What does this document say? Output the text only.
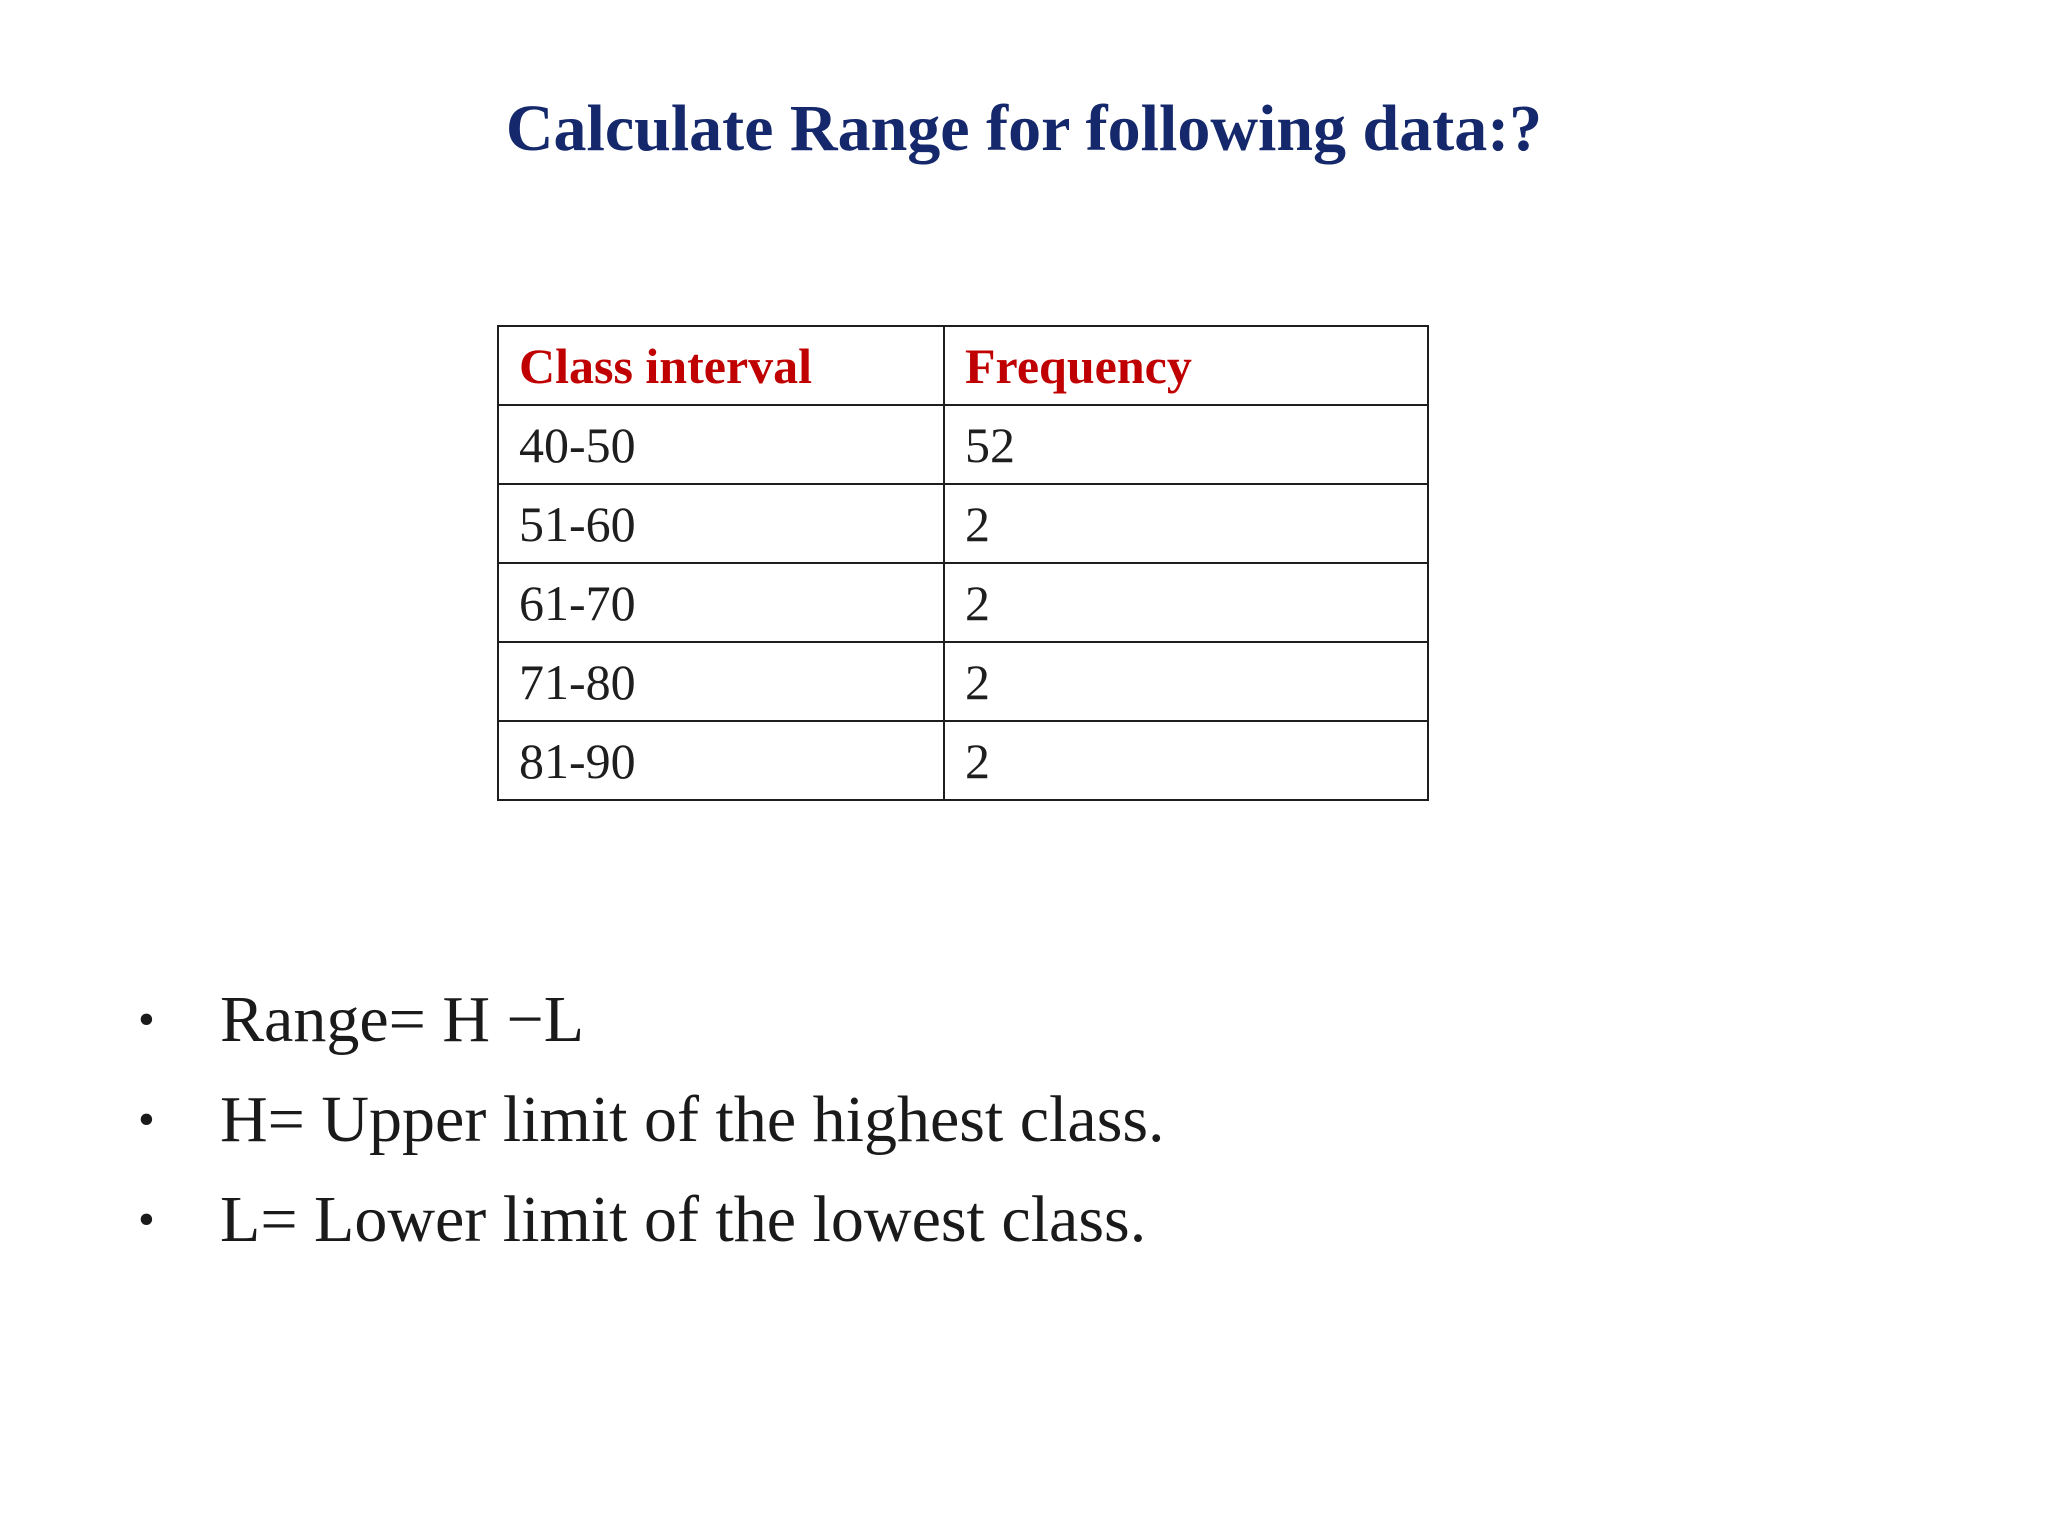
Calculate Range for following data:?
Class interval	Frequency
40-50	52
51-60	2
61-70	2
71-80	2
81-90	2
• Range= H −L
• H= Upper limit of the highest class.
• L= Lower limit of the lowest class.
